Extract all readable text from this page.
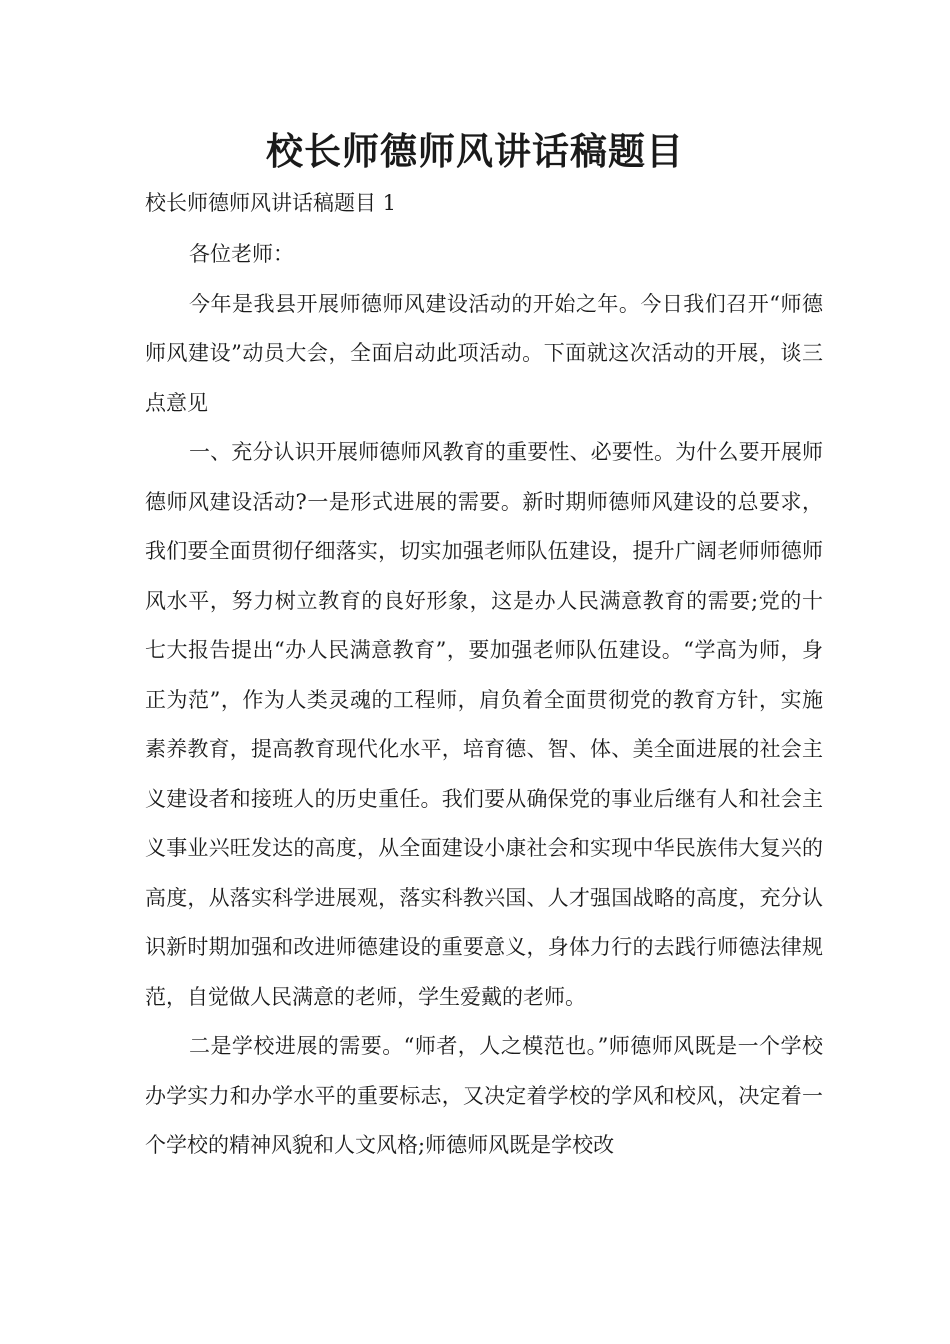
校长师德师风讲话稿题目
校长师德师风讲话稿题目 1

各位老师：

今年是我县开展师德师风建设活动的开始之年。今日我们召开“师德师风建设”动员大会，全面启动此项活动。下面就这次活动的开展，谈三点意见

一、充分认识开展师德师风教育的重要性、必要性。为什么要开展师德师风建设活动?一是形式进展的需要。新时期师德师风建设的总要求，我们要全面贯彻仔细落实，切实加强老师队伍建设，提升广阔老师师德师风水平，努力树立教育的良好形象，这是办人民满意教育的需要;党的十七大报告提出“办人民满意教育”，要加强老师队伍建设。“学高为师，身正为范”，作为人类灵魂的工程师，肩负着全面贯彻党的教育方针，实施素养教育，提高教育现代化水平，培育德、智、体、美全面进展的社会主义建设者和接班人的历史重任。我们要从确保党的事业后继有人和社会主义事业兴旺发达的高度，从全面建设小康社会和实现中华民族伟大复兴的高度，从落实科学进展观，落实科教兴国、人才强国战略的高度，充分认识新时期加强和改进师德建设的重要意义，身体力行的去践行师德法律规范，自觉做人民满意的老师，学生爱戴的老师。

二是学校进展的需要。“师者，人之模范也。”师德师风既是一个学校办学实力和办学水平的重要标志，又决定着学校的学风和校风，决定着一个学校的精神风貌和人文风格;师德师风既是学校改
